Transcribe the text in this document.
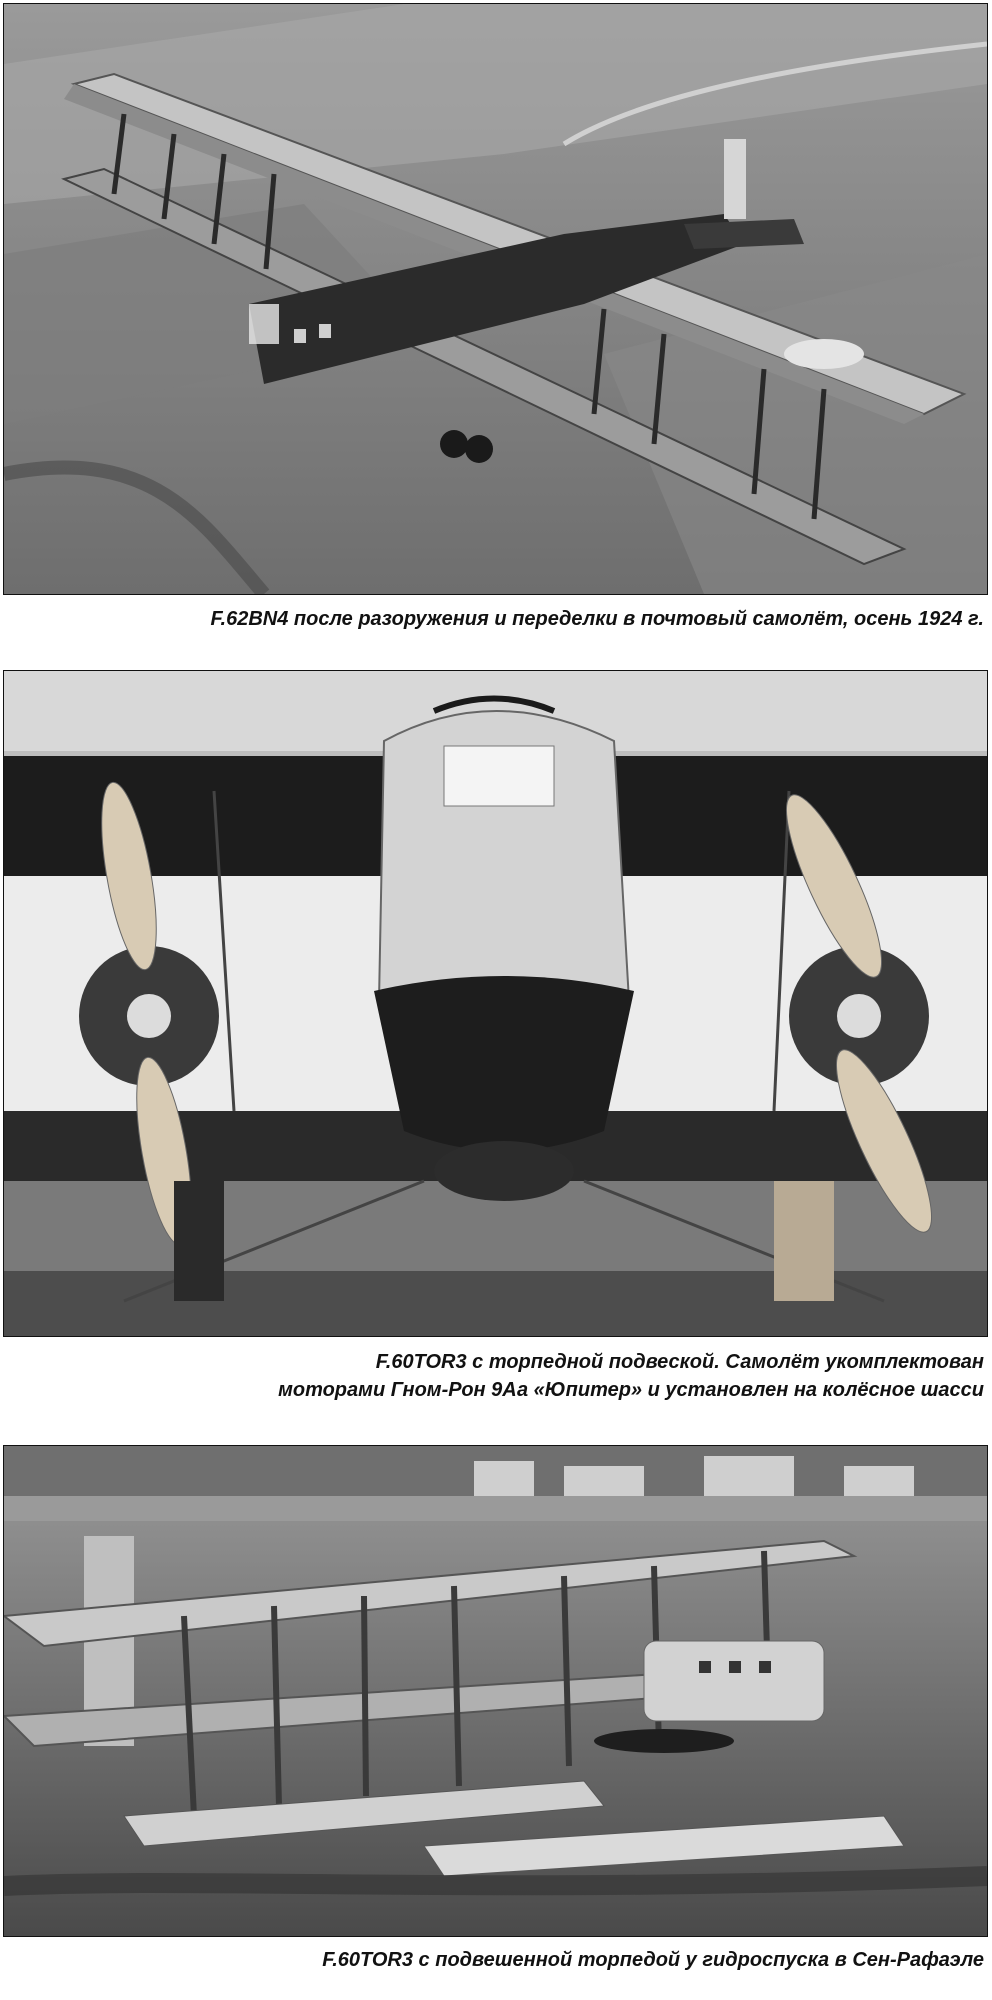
F.62BN4 после разоружения и переделки в почтовый самолёт, осень 1924 г.
F.60TOR3 с торпедной подвеской. Самолёт укомплектован
моторами Гном-Рон 9Аа «Юпитер» и установлен на колёсное шасси
F.60TOR3 с подвешенной торпедой у гидроспуска в Сен-Рафаэле
